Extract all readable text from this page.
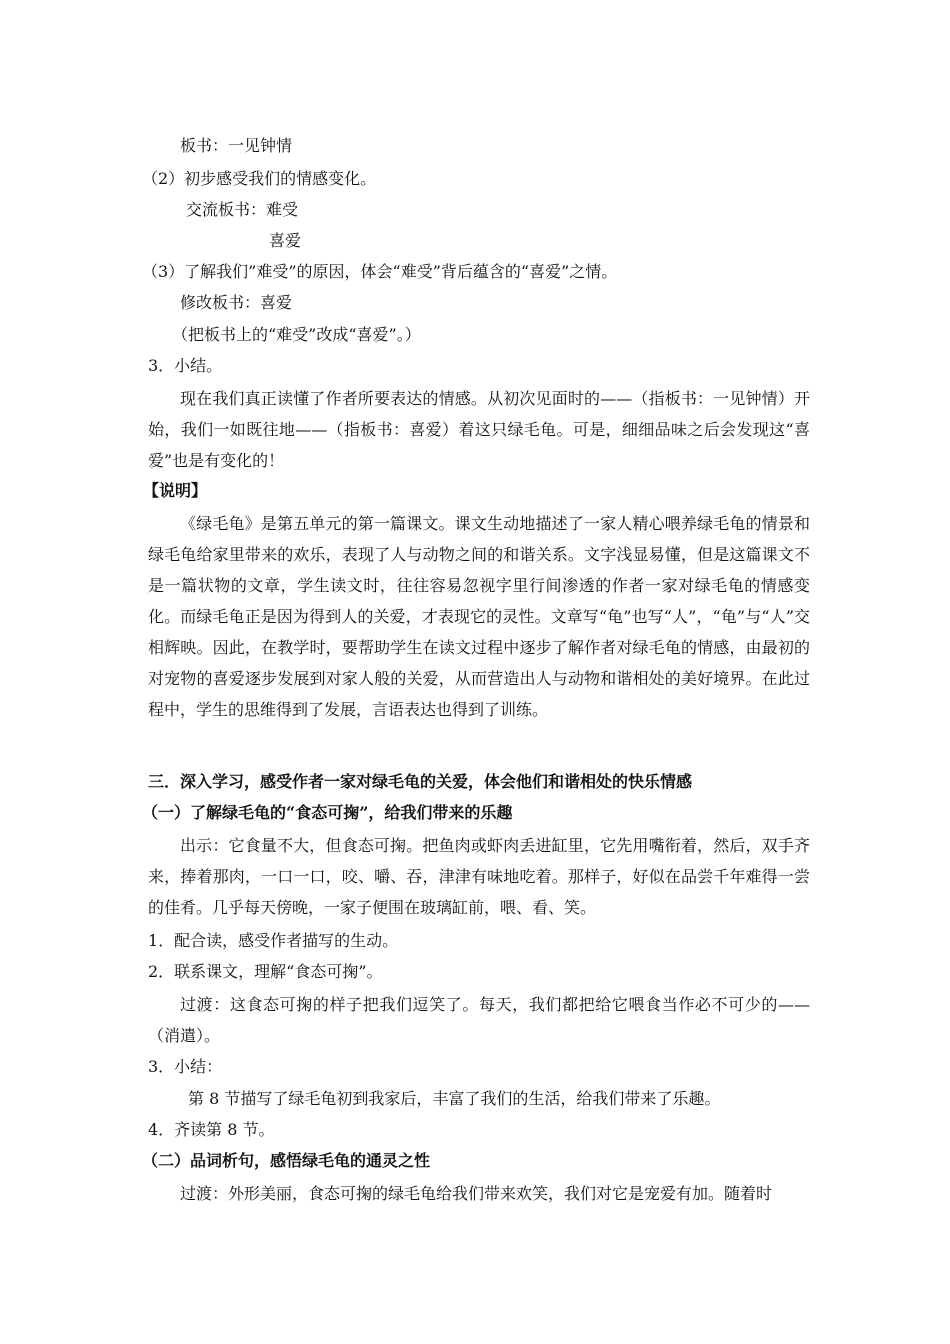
板书：一见钟情
（2）初步感受我们的情感变化。
交流板书：难受
喜爱
（3）了解我们”难受”的原因，体会“难受”背后蕴含的“喜爱”之情。
修改板书：喜爱
（把板书上的“难受”改成“喜爱”。）
3．小结。
现在我们真正读懂了作者所要表达的情感。从初次见面时的——（指板书：一见钟情）开始，我们一如既往地——（指板书：喜爱）着这只绿毛龟。可是，细细品味之后会发现这“喜爱”也是有变化的！
【说明】
《绿毛龟》是第五单元的第一篇课文。课文生动地描述了一家人精心喂养绿毛龟的情景和绿毛龟给家里带来的欢乐，表现了人与动物之间的和谐关系。文字浅显易懂，但是这篇课文不是一篇状物的文章，学生读文时，往往容易忽视字里行间渗透的作者一家对绿毛龟的情感变化。而绿毛龟正是因为得到人的关爱，才表现它的灵性。文章写“龟”也写“人”，“龟”与“人”交相辉映。因此，在教学时，要帮助学生在读文过程中逐步了解作者对绿毛龟的情感，由最初的对宠物的喜爱逐步发展到对家人般的关爱，从而营造出人与动物和谐相处的美好境界。在此过程中，学生的思维得到了发展，言语表达也得到了训练。
三．深入学习，感受作者一家对绿毛龟的关爱，体会他们和谐相处的快乐情感
（一）了解绿毛龟的“食态可掬”，给我们带来的乐趣
出示：它食量不大，但食态可掬。把鱼肉或虾肉丢进缸里，它先用嘴衔着，然后，双手齐来，捧着那肉，一口一口，咬、嚼、吞，津津有味地吃着。那样子，好似在品尝千年难得一尝的佳肴。几乎每天傍晚，一家子便围在玻璃缸前，喂、看、笑。
1．配合读，感受作者描写的生动。
2．联系课文，理解“食态可掬”。
过渡：这食态可掬的样子把我们逗笑了。每天，我们都把给它喂食当作必不可少的——（消遣）。
3．小结：
第 8 节描写了绿毛龟初到我家后，丰富了我们的生活，给我们带来了乐趣。
4．齐读第 8 节。
（二）品词析句，感悟绿毛龟的通灵之性
过渡：外形美丽，食态可掬的绿毛龟给我们带来欢笑，我们对它是宠爱有加。随着时
